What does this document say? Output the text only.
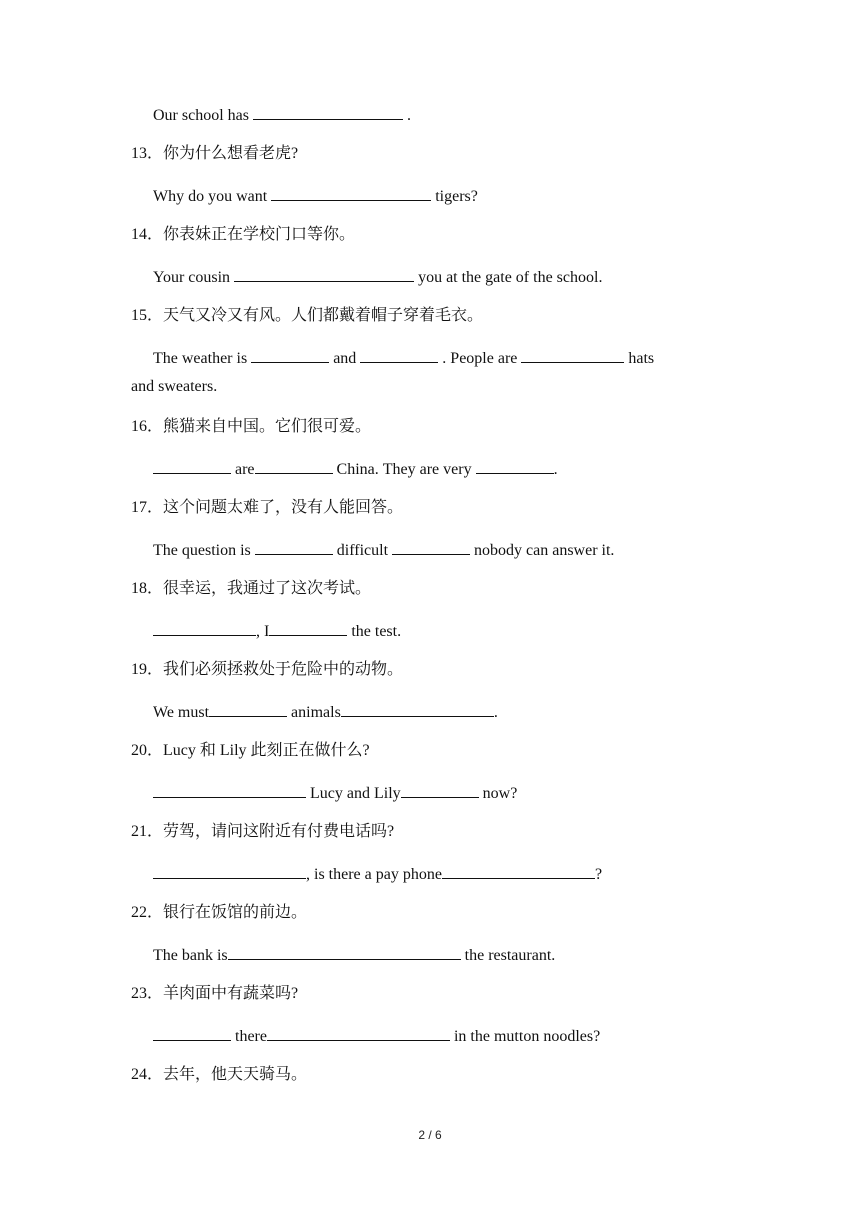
Our school has	.
13．你为什么想看老虎?
Why do you want	tigers?
14．你表妹正在学校门口等你。
Your cousin	you at the gate of the school.
15．天气又冷又有风。人们都戴着帽子穿着毛衣。
The weather is	and	. People are	hats
and sweaters.
16．熊猫来自中国。它们很可爱。
are	China. They are very	.
17．这个问题太难了，没有人能回答。
The question is	difficult	nobody can answer it.
18．很幸运，我通过了这次考试。
, I	the test.
19．我们必须拯救处于危险中的动物。
We must	animals	.
20．Lucy 和 Lily 此刻正在做什么?
Lucy and Lily	now?
21．劳驾，请问这附近有付费电话吗?
, is there a pay phone	?
22．银行在饭馆的前边。
The bank is	the restaurant.
23．羊肉面中有蔬菜吗?
there	in the mutton noodles?
24．去年，他天天骑马。
2 / 6
